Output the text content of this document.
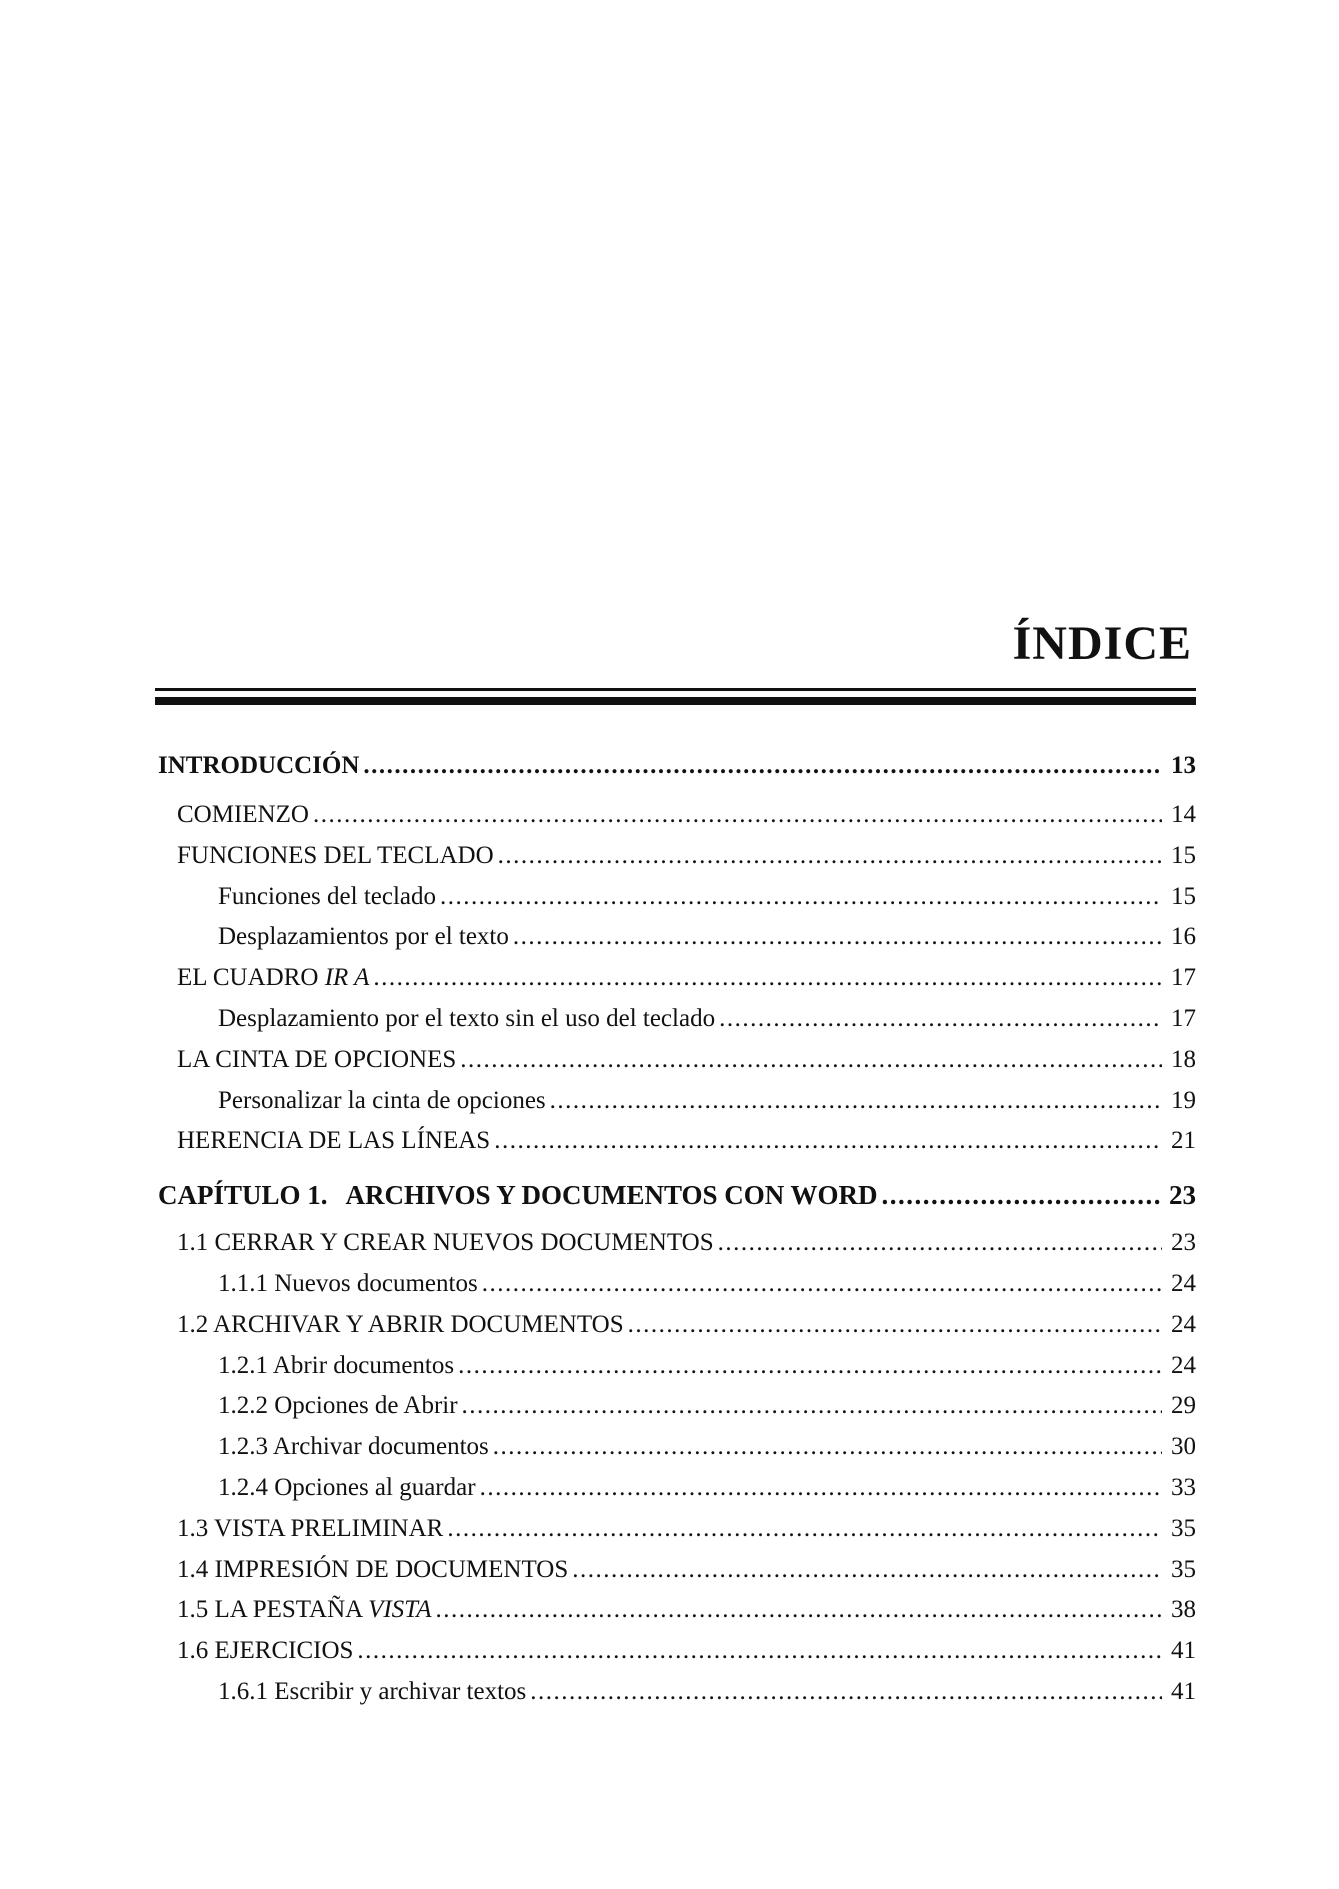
ÍNDICE
INTRODUCCIÓN .....	13
COMIENZO .....	14
FUNCIONES DEL TECLADO .....	15
Funciones del teclado .....	15
Desplazamientos por el texto .....	16
EL CUADRO IR A .....	17
Desplazamiento por el texto sin el uso del teclado .....	17
LA CINTA DE OPCIONES .....	18
Personalizar la cinta de opciones .....	19
HERENCIA DE LAS LÍNEAS .....	21
CAPÍTULO 1. ARCHIVOS Y DOCUMENTOS CON WORD .....	23
1.1 CERRAR Y CREAR NUEVOS DOCUMENTOS .....	23
1.1.1 Nuevos documentos .....	24
1.2 ARCHIVAR Y ABRIR DOCUMENTOS .....	24
1.2.1 Abrir documentos .....	24
1.2.2 Opciones de Abrir .....	29
1.2.3 Archivar documentos .....	30
1.2.4 Opciones al guardar .....	33
1.3 VISTA PRELIMINAR .....	35
1.4 IMPRESIÓN DE DOCUMENTOS .....	35
1.5 LA PESTAÑA VISTA .....	38
1.6 EJERCICIOS .....	41
1.6.1 Escribir y archivar textos .....	41
